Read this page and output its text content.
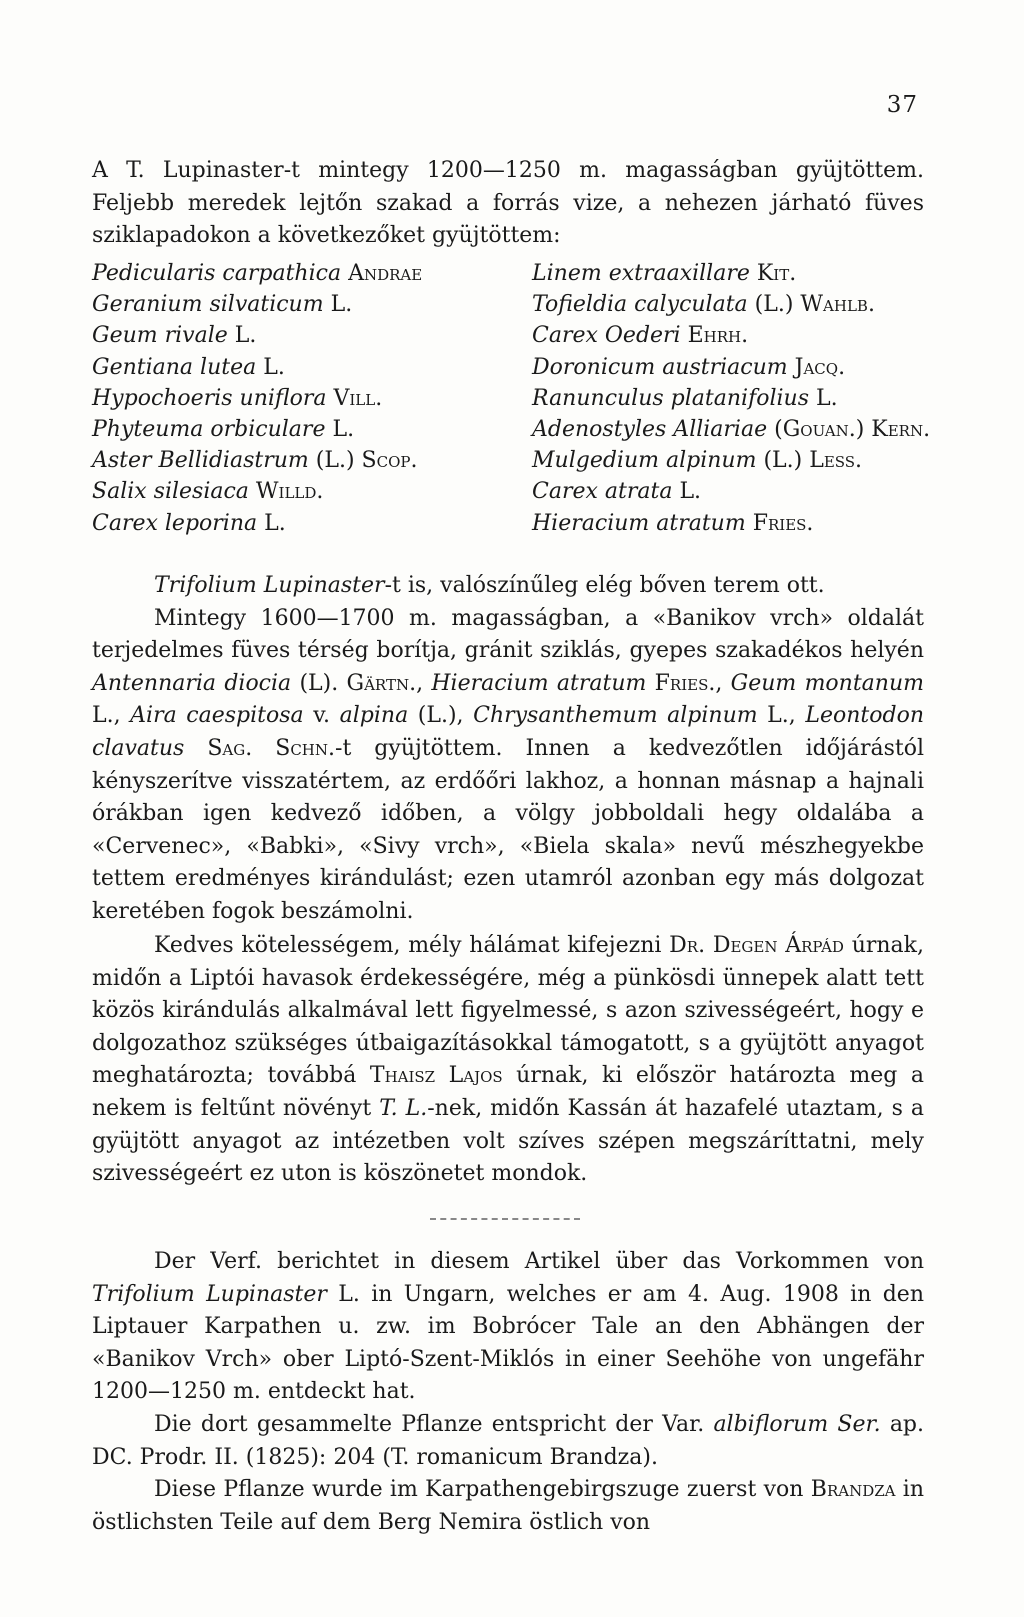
37
A T. Lupinaster-t mintegy 1200—1250 m. magasságban gyüjtöttem. Feljebb meredek lejtőn szakad a forrás vize, a nehezen járható füves sziklapadokon a következőket gyüjtöttem:
Pedicularis carpathica Andrae
Geranium silvaticum L.
Geum rivale L.
Gentiana lutea L.
Hypochoeris uniflora Vill.
Phyteuma orbiculare L.
Aster Bellidiastrum (L.) Scop.
Salix silesiaca Willd.
Carex leporina L.
Linem extraaxillare Kit.
Tofieldia calyculata (L.) Wahlb.
Carex Oederi Ehrh.
Doronicum austriacum Jacq.
Ranunculus platanifolius L.
Adenostyles Alliariae (Gouan.) Kern.
Mulgedium alpinum (L.) Less.
Carex atrata L.
Hieracium atratum Fries.

Trifolium Lupinaster-t is, valószínűleg elég bőven terem ott.

Mintegy 1600—1700 m. magasságban, a «Banikov vrch» oldalát terjedelmes füves térség borítja, gránit sziklás, gyepes szakadékos helyén Antennaria diocia (L). Gärtn., Hieracium atratum Fries., Geum montanum L., Aira caespitosa v. alpina (L.), Chrysanthemum alpinum L., Leontodon clavatus Sag. Schn.-t gyüjtöttem. Innen a kedvezőtlen időjárástól kényszerítve visszatértem, az erdőőri lakhoz, a honnan másnap a hajnali órákban igen kedvező időben, a völgy jobboldali hegy oldalába a «Cervenec», «Babki», «Sivy vrch», «Biela skala» nevű mészhegyekbe tettem eredményes kirándulást; ezen utamról azonban egy más dolgozat keretében fogok beszámolni.

Kedves kötelességem, mély hálámat kifejezni Dr. Degen Árpád úrnak, midőn a Liptói havasok érdekességére, még a pünkösdi ünnepek alatt tett közös kirándulás alkalmával lett figyelmessé, s azon szivességeért, hogy e dolgozathoz szükséges útbaigazításokkal támogatott, s a gyüjtött anyagot meghatározta; továbbá Thaisz Lajos úrnak, ki először határozta meg a nekem is feltűnt növényt T. L.-nek, midőn Kassán át hazafelé utaztam, s a gyüjtött anyagot az intézetben volt szíves szépen megszáríttatni, mely szivességeért ez uton is köszönetet mondok.

Der Verf. berichtet in diesem Artikel über das Vorkommen von Trifolium Lupinaster L. in Ungarn, welches er am 4. Aug. 1908 in den Liptauer Karpathen u. zw. im Bobrócer Tale an den Abhängen der «Banikov Vrch» ober Liptó-Szent-Miklós in einer Seehöhe von ungefähr 1200—1250 m. entdeckt hat.

Die dort gesammelte Pflanze entspricht der Var. albiflorum Ser. ap. DC. Prodr. II. (1825): 204 (T. romanicum Brandza).

Diese Pflanze wurde im Karpathengebirgszuge zuerst von Brandza in östlichsten Teile auf dem Berg Nemira östlich von
